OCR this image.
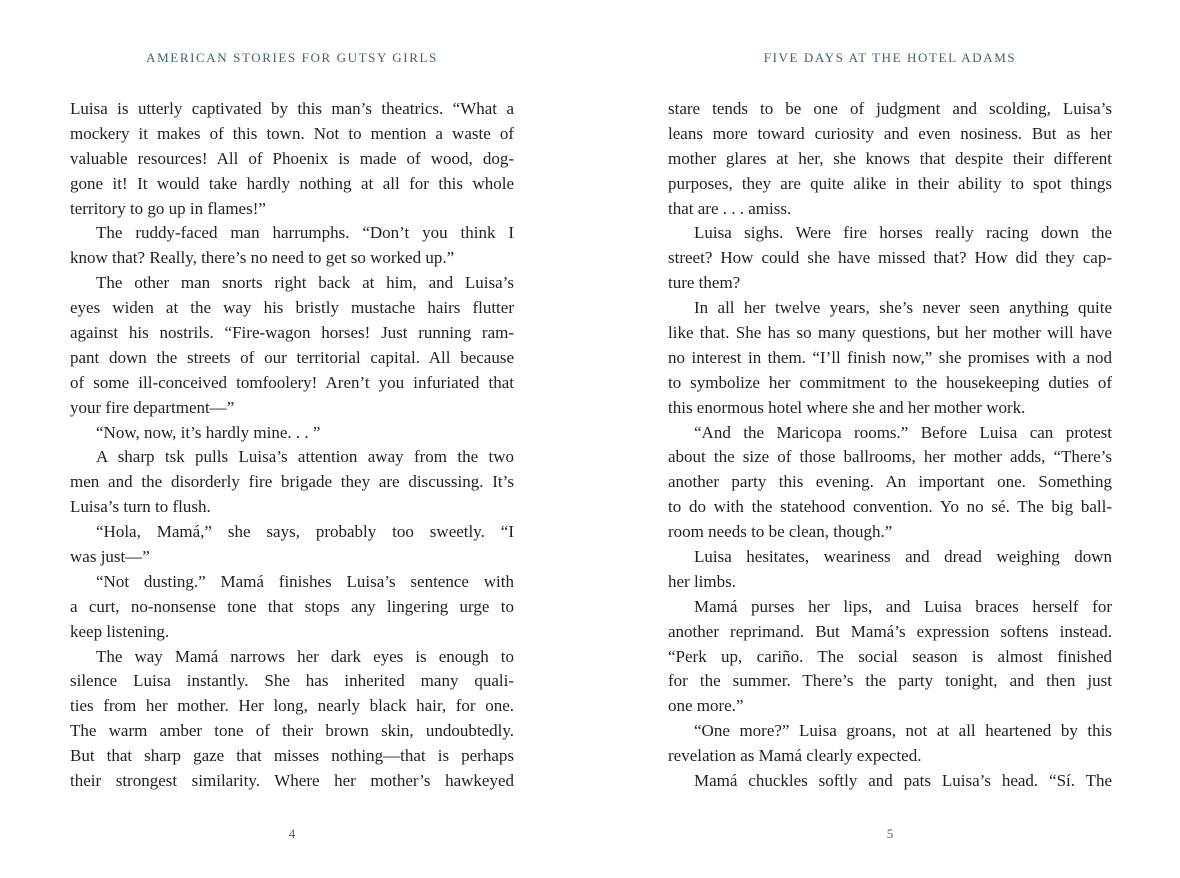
AMERICAN STORIES FOR GUTSY GIRLS
Luisa is utterly captivated by this man’s theatrics. “What a
mockery it makes of this town. Not to mention a waste of
valuable resources! All of Phoenix is made of wood, dog-
gone it! It would take hardly nothing at all for this whole
territory to go up in flames!”
The ruddy-faced man harrumphs. “Don’t you think I
know that? Really, there’s no need to get so worked up.”
The other man snorts right back at him, and Luisa’s
eyes widen at the way his bristly mustache hairs flutter
against his nostrils. “Fire-wagon horses! Just running ram-
pant down the streets of our territorial capital. All because
of some ill-conceived tomfoolery! Aren’t you infuriated that
your fire department—”
“Now, now, it’s hardly mine. . . ”
A sharp tsk pulls Luisa’s attention away from the two
men and the disorderly fire brigade they are discussing. It’s
Luisa’s turn to flush.
“Hola, Mamá,” she says, probably too sweetly. “I
was just—”
“Not dusting.” Mamá finishes Luisa’s sentence with
a curt, no-nonsense tone that stops any lingering urge to
keep listening.
The way Mamá narrows her dark eyes is enough to
silence Luisa instantly. She has inherited many quali-
ties from her mother. Her long, nearly black hair, for one.
The warm amber tone of their brown skin, undoubtedly.
But that sharp gaze that misses nothing—that is perhaps
their strongest similarity. Where her mother’s hawkeyed
4
FIVE DAYS AT THE HOTEL ADAMS
stare tends to be one of judgment and scolding, Luisa’s
leans more toward curiosity and even nosiness. But as her
mother glares at her, she knows that despite their different
purposes, they are quite alike in their ability to spot things
that are . . . amiss.
Luisa sighs. Were fire horses really racing down the
street? How could she have missed that? How did they cap-
ture them?
In all her twelve years, she’s never seen anything quite
like that. She has so many questions, but her mother will have
no interest in them. “I’ll finish now,” she promises with a nod
to symbolize her commitment to the housekeeping duties of
this enormous hotel where she and her mother work.
“And the Maricopa rooms.” Before Luisa can protest
about the size of those ballrooms, her mother adds, “There’s
another party this evening. An important one. Something
to do with the statehood convention. Yo no sé. The big ball-
room needs to be clean, though.”
Luisa hesitates, weariness and dread weighing down
her limbs.
Mamá purses her lips, and Luisa braces herself for
another reprimand. But Mamá’s expression softens instead.
“Perk up, cariño. The social season is almost finished
for the summer. There’s the party tonight, and then just
one more.”
“One more?” Luisa groans, not at all heartened by this
revelation as Mamá clearly expected.
Mamá chuckles softly and pats Luisa’s head. “Sí. The
5
